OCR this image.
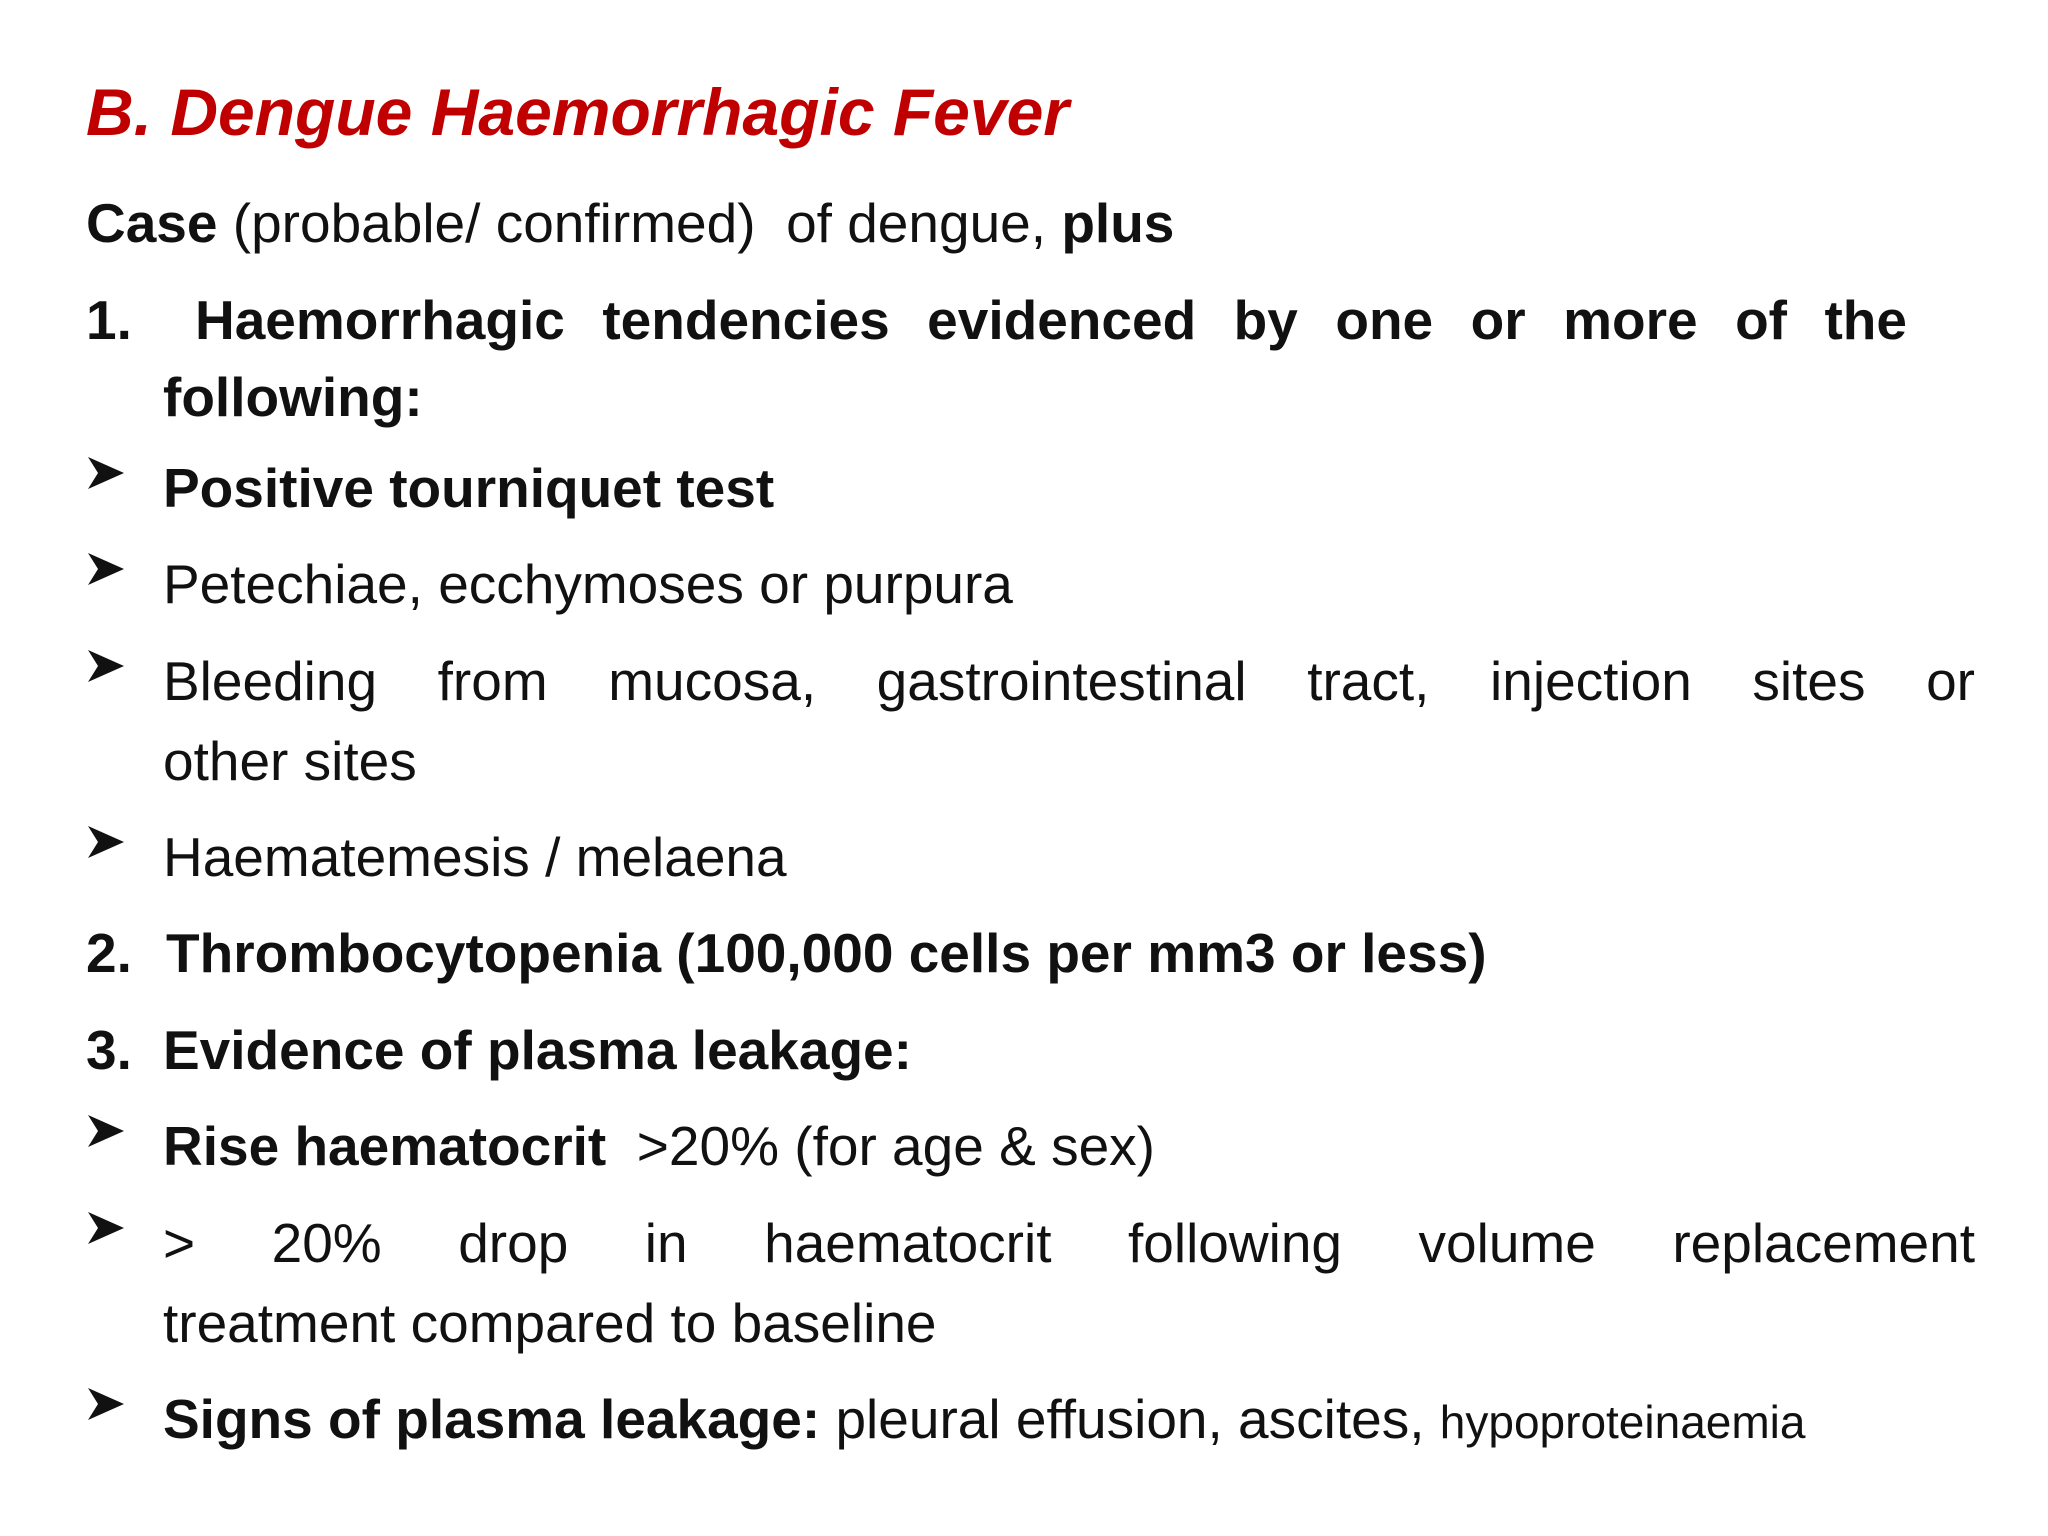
B. Dengue Haemorrhagic Fever
Case (probable/ confirmed)  of dengue, plus
1. Haemorrhagic tendencies evidenced by one or more of the
following:
Positive tourniquet test
Petechiae, ecchymoses or purpura
Bleeding from mucosa, gastrointestinal tract, injection sites or
other sites
Haematemesis / melaena
2. Thrombocytopenia (100,000 cells per mm3 or less)
3. Evidence of plasma leakage:
Rise haematocrit  >20% (for age & sex)
> 20% drop in haematocrit following volume replacement
treatment compared to baseline
Signs of plasma leakage: pleural effusion, ascites, hypoproteinaemia
